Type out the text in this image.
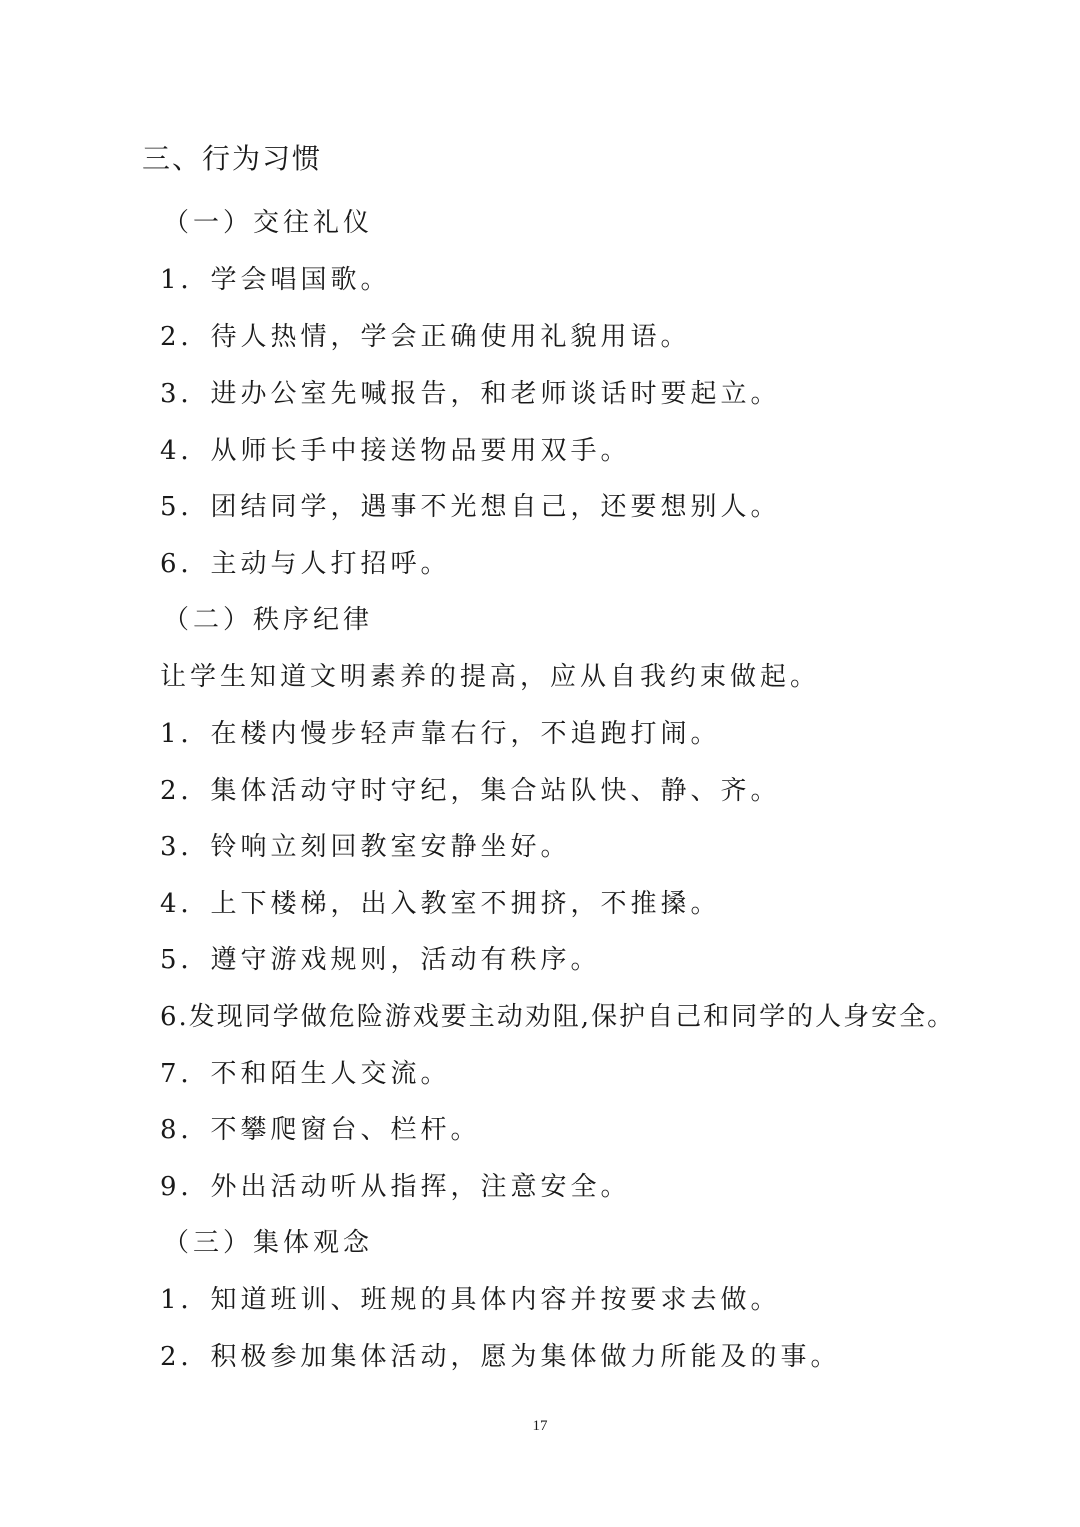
三、行为习惯
（一）交往礼仪
1．学会唱国歌。
2．待人热情，学会正确使用礼貌用语。
3．进办公室先喊报告，和老师谈话时要起立。
4．从师长手中接送物品要用双手。
5．团结同学，遇事不光想自己，还要想别人。
6．主动与人打招呼。
（二）秩序纪律
让学生知道文明素养的提高，应从自我约束做起。
1．在楼内慢步轻声靠右行，不追跑打闹。
2．集体活动守时守纪，集合站队快、静、齐。
3．铃响立刻回教室安静坐好。
4．上下楼梯，出入教室不拥挤，不推搡。
5．遵守游戏规则，活动有秩序。
6.发现同学做危险游戏要主动劝阻,保护自己和同学的人身安全。
7．不和陌生人交流。
8．不攀爬窗台、栏杆。
9．外出活动听从指挥，注意安全。
（三）集体观念
1．知道班训、班规的具体内容并按要求去做。
2．积极参加集体活动，愿为集体做力所能及的事。
17
